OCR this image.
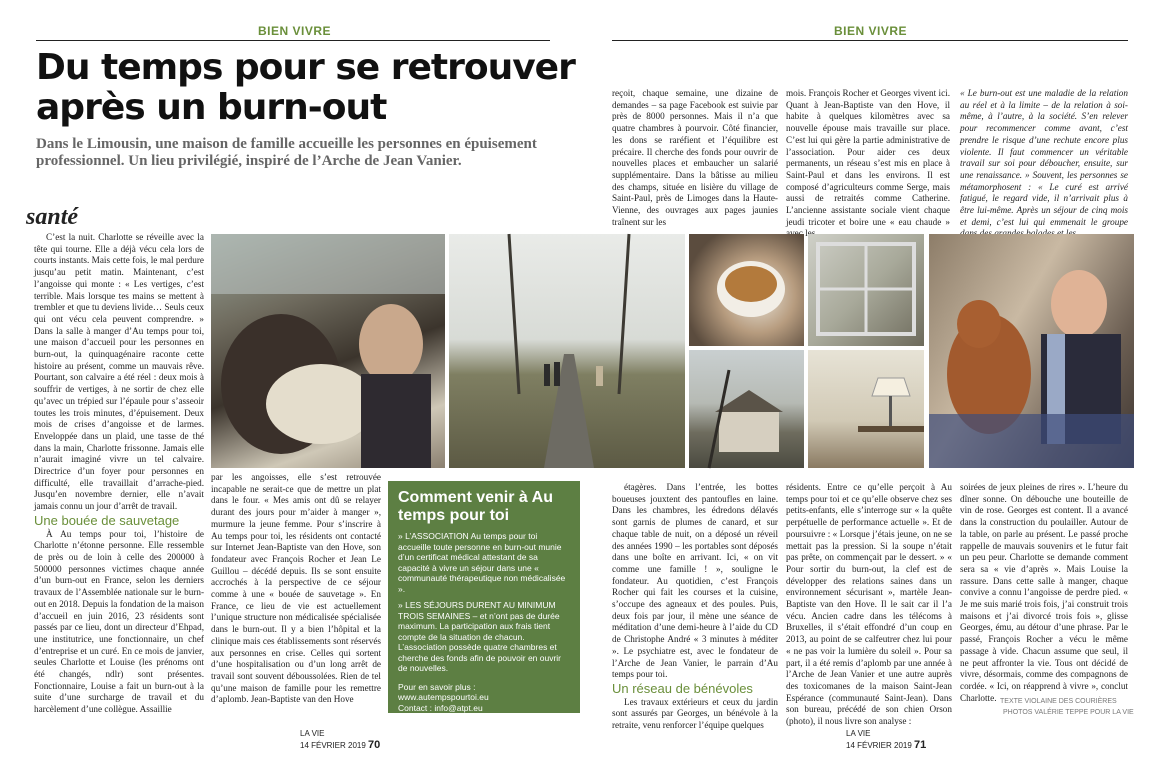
BIEN VIVRE
Du temps pour se retrouver
après un burn-out
Dans le Limousin, une maison de famille accueille les personnes en épuisement professionnel. Un lieu privilégié, inspiré de l’Arche de Jean Vanier.
santé

C’est la nuit. Charlotte se réveille avec la tête qui tourne. Elle a déjà vécu cela lors de courts instants. Mais cette fois, le mal perdure jusqu’au petit matin. Maintenant, c’est l’angoisse qui monte : « Les vertiges, c’est terrible. Mais lorsque tes mains se mettent à trembler et que tu deviens livide… Seuls ceux qui ont vécu cela peuvent comprendre. » Dans la salle à manger d’Au temps pour toi, une maison d’accueil pour les personnes en burn-out, la quinquagénaire raconte cette histoire au présent, comme un mauvais rêve. Pourtant, son calvaire a été réel : deux mois à souffrir de vertiges, à ne sortir de chez elle qu’avec un trépied sur l’épaule pour s’asseoir toutes les trois minutes, d’épuisement. Deux mois de crises d’angoisse et de larmes. Enveloppée dans un plaid, une tasse de thé dans la main, Charlotte frissonne. Jamais elle n’aurait imaginé vivre un tel calvaire. Directrice d’un foyer pour personnes en difficulté, elle travaillait d’arrache-pied. Jusqu’en novembre dernier, elle n’avait jamais connu un jour d’arrêt de travail.

Une bouée de sauvetage

À Au temps pour toi, l’histoire de Charlotte n’étonne personne. Elle ressemble de près ou de loin à celle des 200000 à 500000 personnes victimes chaque année d’un burn-out en France, selon les derniers travaux de l’Assemblée nationale sur le burn-out en 2018. Depuis la fondation de la maison d’accueil en juin 2016, 23 résidents sont passés par ce lieu, dont un directeur d’Ehpad, une institutrice, une fonctionnaire, un chef d’entreprise et un curé. En ce mois de janvier, seules Charlotte et Louise (les prénoms ont été changés, ndlr) sont présentes. Fonctionnaire, Louise a fait un burn-out à la suite d’une surcharge de travail et du harcèlement d’une collègue. Assaillie

par les angoisses, elle s’est retrouvée incapable ne serait-ce que de mettre un plat dans le four. « Mes amis ont dû se relayer durant des jours pour m’aider à manger », murmure la jeune femme. Pour s’inscrire à Au temps pour toi, les résidents ont contacté sur Internet Jean-Baptiste van den Hove, son fondateur avec François Rocher et Jean Le Guillou – décédé depuis. Ils se sont ensuite accrochés à la perspective de ce séjour comme à une « bouée de sauvetage ». En France, ce lieu de vie est actuellement l’unique structure non médicalisée spécialisée dans le burn-out. Il y a bien l’hôpital et la clinique mais ces établissements sont réservés aux personnes en crise. Celles qui sortent d’une hospitalisation ou d’un long arrêt de travail sont souvent déboussolées. Rien de tel qu’une maison de famille pour les remettre d’aplomb. Jean-Baptiste van den Hove

Comment venir à Au temps pour toi

» L’ASSOCIATION Au temps pour toi accueille toute personne en burn-out munie d’un certificat médical attestant de sa capacité à vivre un séjour dans une « communauté thérapeutique non médicalisée ».

» LES SÉJOURS DURENT AU MINIMUM TROIS SEMAINES – et n’ont pas de durée maximum. La participation aux frais tient compte de la situation de chacun. L’association possède quatre chambres et cherche des fonds afin de pouvoir en ouvrir de nouvelles.

Pour en savoir plus :
www.autempspourtoi.eu
Contact : info@atpt.eu

LA VIE
14 FÉVRIER 2019 70
BIEN VIVRE

reçoit, chaque semaine, une dizaine de demandes – sa page Facebook est suivie par près de 8000 personnes. Mais il n’a que quatre chambres à pourvoir. Côté financier, les dons se raréfient et l’équilibre est précaire. Il cherche des fonds pour ouvrir de nouvelles places et embaucher un salarié supplémentaire. Dans la bâtisse au milieu des champs, située en lisière du village de Saint-Paul, près de Limoges dans la Haute-Vienne, des ouvrages aux pages jaunies traînent sur les

mois. François Rocher et Georges vivent ici. Quant à Jean-Baptiste van den Hove, il habite à quelques kilomètres avec sa nouvelle épouse mais travaille sur place. C’est lui qui gère la partie administrative de l’association. Pour aider ces deux permanents, un réseau s’est mis en place à Saint-Paul et dans les environs. Il est composé d’agriculteurs comme Serge, mais aussi de retraités comme Catherine. L’ancienne assistante sociale vient chaque jeudi tricoter et boire une « eau chaude »

« Le burn-out est une maladie de la relation au réel et à la limite – de la relation à soi-même, à l’autre, à la société. S’en relever pour recommencer comme avant, c’est prendre le risque d’une rechute encore plus violente. Il faut commencer un véritable travail sur soi pour déboucher, ensuite, sur une renaissance. » Souvent, les personnes se métamorphosent : « Le curé est arrivé fatigué, le regard vide, il n’arrivait plus à être lui-même. Après un séjour de cinq mois et demi, c’est lui qui emmenait le groupe

étagères. Dans l’entrée, les bottes boueuses jouxtent des pantoufles en laine. Dans les chambres, les édredons délavés sont garnis de plumes de canard, et sur chaque table de nuit, on a déposé un réveil des années 1990 – les portables sont déposés dans une boîte en arrivant. Ici, « on vit comme une famille ! », souligne le fondateur. Au quotidien, c’est François Rocher qui fait les courses et la cuisine, s’occupe des agneaux et des poules. Puis, deux fois par jour, il mène une séance de méditation d’une demi-heure à l’aide du CD de Christophe André « 3 minutes à méditer ». Le psychiatre est, avec le fondateur de l’Arche de Jean Vanier, le parrain d’Au temps pour toi.

Un réseau de bénévoles

Les travaux extérieurs et ceux du jardin sont assurés par Georges, un bénévole à la retraite, venu renforcer l’équipe quelques

résidents. Entre ce qu’elle perçoit à Au temps pour toi et ce qu’elle observe chez ses petits-enfants, elle s’interroge sur « la quête perpétuelle de performance actuelle ». Et de poursuivre : « Lorsque j’étais jeune, on ne se mettait pas la pression. Si la soupe n’était pas prête, on commençait par le dessert. » « Pour sortir du burn-out, la clef est de développer des relations saines dans un environnement sécurisant », martèle Jean-Baptiste van den Hove. Il le sait car il l’a vécu. Ancien cadre dans les télécoms à Bruxelles, il s’était effondré d’un coup en 2013, au point de se calfeutrer chez lui pour « ne pas voir la lumière du soleil ». Pour sa part, il a été remis d’aplomb par une année à l’Arche de Jean Vanier et une autre auprès des toxicomanes de la maison Saint-Jean Espérance (communauté Saint-Jean). Dans son bureau, précédé de son chien Orson (photo), il nous livre son analyse :

soirées de jeux pleines de rires ». L’heure du dîner sonne. On débouche une bouteille de vin de rose. Georges est content. Il a avancé dans la construction du poulailler. Autour de la table, on parle au présent. Le passé proche rappelle de mauvais souvenirs et le futur fait un peu peur. Charlotte se demande comment sera sa « vie d’après ». Mais Louise la rassure. Dans cette salle à manger, chaque convive a connu l’angoisse de perdre pied. « Je me suis marié trois fois, j’ai construit trois maisons et j’ai divorcé trois fois », glisse Georges, ému, au détour d’une phrase. Par le passé, François Rocher a vécu le même passage à vide. Chacun assume que seul, il ne peut affronter la vie. Tous ont décidé de vivre, désormais, comme des compagnons de cordée. « Ici, on réapprend à vivre », conclut Charlotte. TEXTE VIOLAINE DES COURIÈRES
PHOTOS VALÉRIE TEPPE POUR LA VIE
LA VIE
14 FÉVRIER 2019 71
